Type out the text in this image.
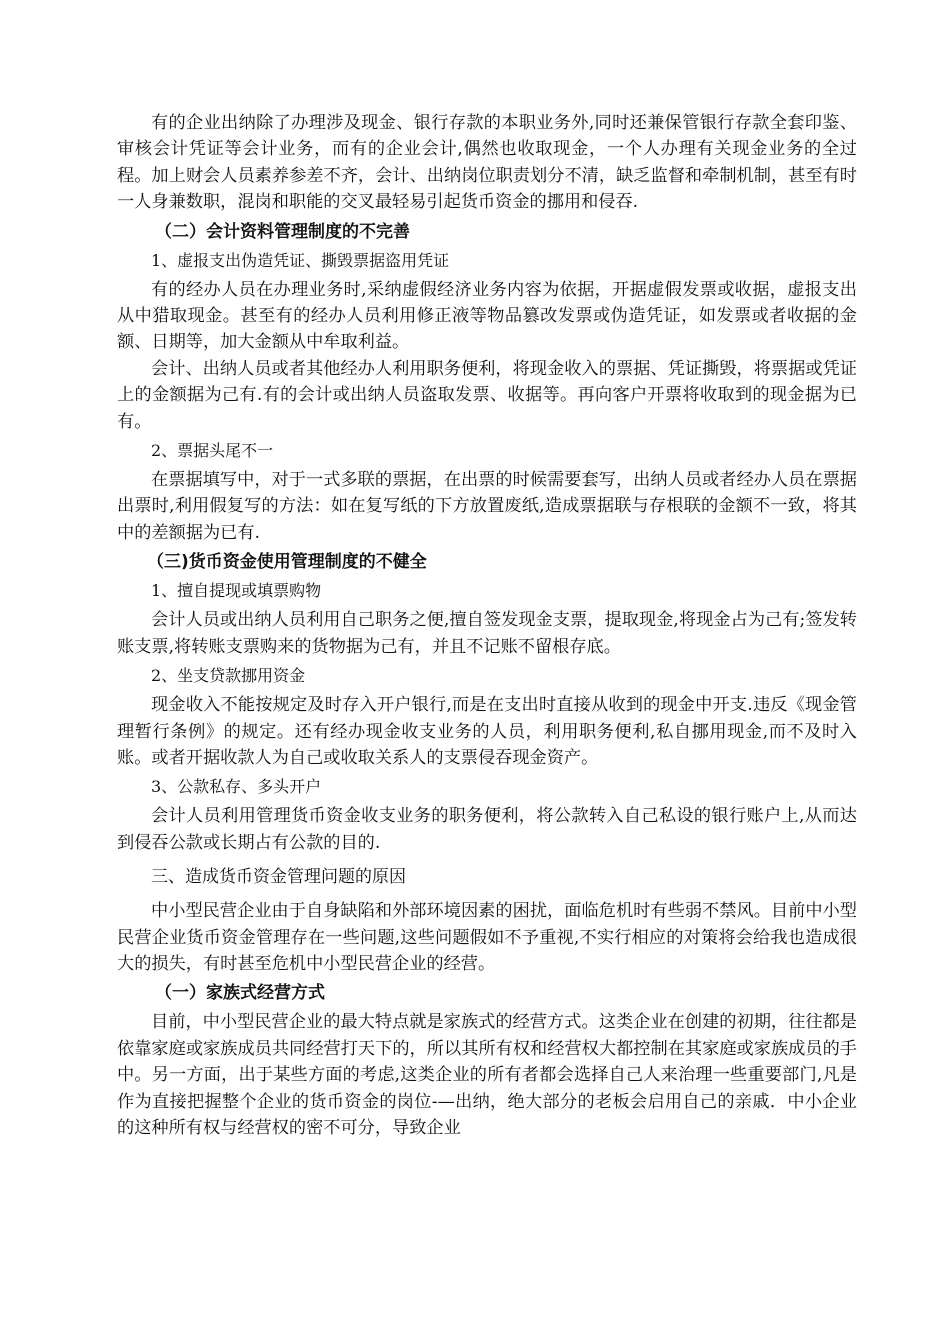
有的企业出纳除了办理涉及现金、银行存款的本职业务外,同时还兼保管银行存款全套印鉴、审核会计凭证等会计业务，而有的企业会计,偶然也收取现金，一个人办理有关现金业务的全过程。加上财会人员素养参差不齐，会计、出纳岗位职责划分不清，缺乏监督和牵制机制，甚至有时一人身兼数职，混岗和职能的交叉最轻易引起货币资金的挪用和侵吞.

（二）会计资料管理制度的不完善
1、虚报支出伪造凭证、撕毁票据盗用凭证

有的经办人员在办理业务时,采纳虚假经济业务内容为依据，开据虚假发票或收据，虚报支出从中猎取现金。甚至有的经办人员利用修正液等物品篡改发票或伪造凭证，如发票或者收据的金额、日期等，加大金额从中牟取利益。

会计、出纳人员或者其他经办人利用职务便利，将现金收入的票据、凭证撕毁，将票据或凭证上的金额据为己有.有的会计或出纳人员盗取发票、收据等。再向客户开票将收取到的现金据为已有。

2、票据头尾不一

在票据填写中，对于一式多联的票据，在出票的时候需要套写，出纳人员或者经办人员在票据出票时,利用假复写的方法：如在复写纸的下方放置废纸,造成票据联与存根联的金额不一致，将其中的差额据为已有.

（三)货币资金使用管理制度的不健全
1、擅自提现或填票购物

会计人员或出纳人员利用自己职务之便,擅自签发现金支票，提取现金,将现金占为己有;签发转账支票,将转账支票购来的货物据为己有，并且不记账不留根存底。

2、坐支贷款挪用资金

现金收入不能按规定及时存入开户银行,而是在支出时直接从收到的现金中开支.违反《现金管理暂行条例》的规定。还有经办现金收支业务的人员，利用职务便利,私自挪用现金,而不及时入账。或者开据收款人为自己或收取关系人的支票侵吞现金资产。

3、公款私存、多头开户

会计人员利用管理货币资金收支业务的职务便利，将公款转入自己私设的银行账户上,从而达到侵吞公款或长期占有公款的目的.

三、造成货币资金管理问题的原因

中小型民营企业由于自身缺陷和外部环境因素的困扰，面临危机时有些弱不禁风。目前中小型民营企业货币资金管理存在一些问题,这些问题假如不予重视,不实行相应的对策将会给我也造成很大的损失，有时甚至危机中小型民营企业的经营。

（一）家族式经营方式

目前，中小型民营企业的最大特点就是家族式的经营方式。这类企业在创建的初期，往往都是依靠家庭或家族成员共同经营打天下的，所以其所有权和经营权大都控制在其家庭或家族成员的手中。另一方面，出于某些方面的考虑,这类企业的所有者都会选择自己人来治理一些重要部门,凡是作为直接把握整个企业的货币资金的岗位-—出纳，绝大部分的老板会启用自己的亲戚．中小企业的这种所有权与经营权的密不可分，导致企业
